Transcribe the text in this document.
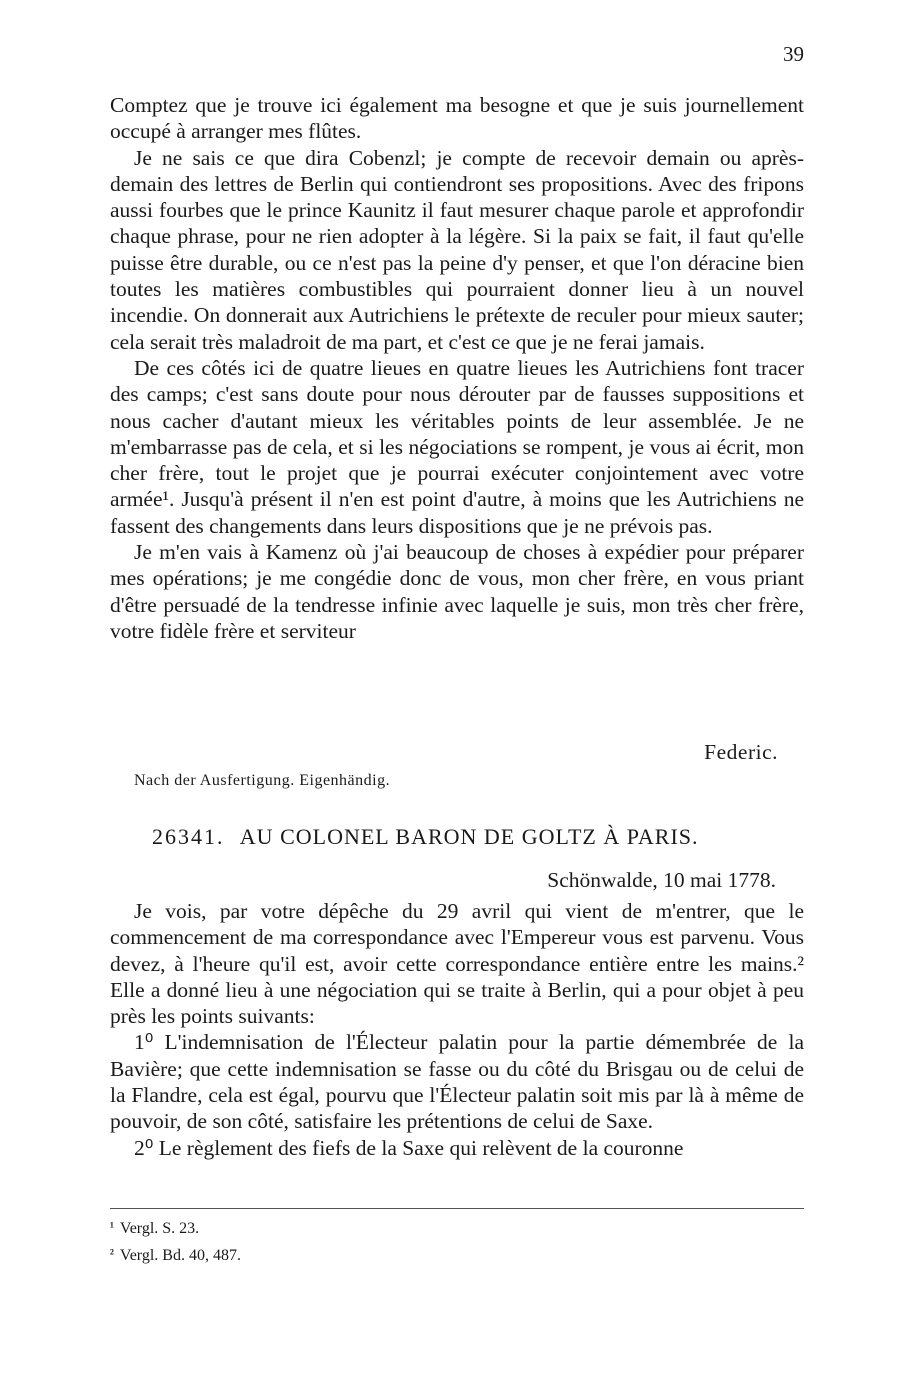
39

Comptez que je trouve ici également ma besogne et que je suis journellement occupé à arranger mes flûtes.

Je ne sais ce que dira Cobenzl; je compte de recevoir demain ou après-demain des lettres de Berlin qui contiendront ses propositions. Avec des fripons aussi fourbes que le prince Kaunitz il faut mesurer chaque parole et approfondir chaque phrase, pour ne rien adopter à la légère. Si la paix se fait, il faut qu'elle puisse être durable, ou ce n'est pas la peine d'y penser, et que l'on déracine bien toutes les matières combustibles qui pourraient donner lieu à un nouvel incendie. On donnerait aux Autrichiens le prétexte de reculer pour mieux sauter; cela serait très maladroit de ma part, et c'est ce que je ne ferai jamais.

De ces côtés ici de quatre lieues en quatre lieues les Autrichiens font tracer des camps; c'est sans doute pour nous dérouter par de fausses suppositions et nous cacher d'autant mieux les véritables points de leur assemblée. Je ne m'embarrasse pas de cela, et si les négociations se rompent, je vous ai écrit, mon cher frère, tout le projet que je pourrai exécuter conjointement avec votre armée¹. Jusqu'à présent il n'en est point d'autre, à moins que les Autrichiens ne fassent des changements dans leurs dispositions que je ne prévois pas.

Je m'en vais à Kamenz où j'ai beaucoup de choses à expédier pour préparer mes opérations; je me congédie donc de vous, mon cher frère, en vous priant d'être persuadé de la tendresse infinie avec laquelle je suis, mon très cher frère, votre fidèle frère et serviteur

Federic.
Nach der Ausfertigung. Eigenhändig.
26341. AU COLONEL BARON DE GOLTZ À PARIS.
Schönwalde, 10 mai 1778.

Je vois, par votre dépêche du 29 avril qui vient de m'entrer, que le commencement de ma correspondance avec l'Empereur vous est parvenu. Vous devez, à l'heure qu'il est, avoir cette correspondance entière entre les mains.² Elle a donné lieu à une négociation qui se traite à Berlin, qui a pour objet à peu près les points suivants:

1⁰ L'indemnisation de l'Électeur palatin pour la partie démembrée de la Bavière; que cette indemnisation se fasse ou du côté du Brisgau ou de celui de la Flandre, cela est égal, pourvu que l'Électeur palatin soit mis par là à même de pouvoir, de son côté, satisfaire les prétentions de celui de Saxe.

2⁰ Le règlement des fiefs de la Saxe qui relèvent de la couronne

¹ Vergl. S. 23.
² Vergl. Bd. 40, 487.
